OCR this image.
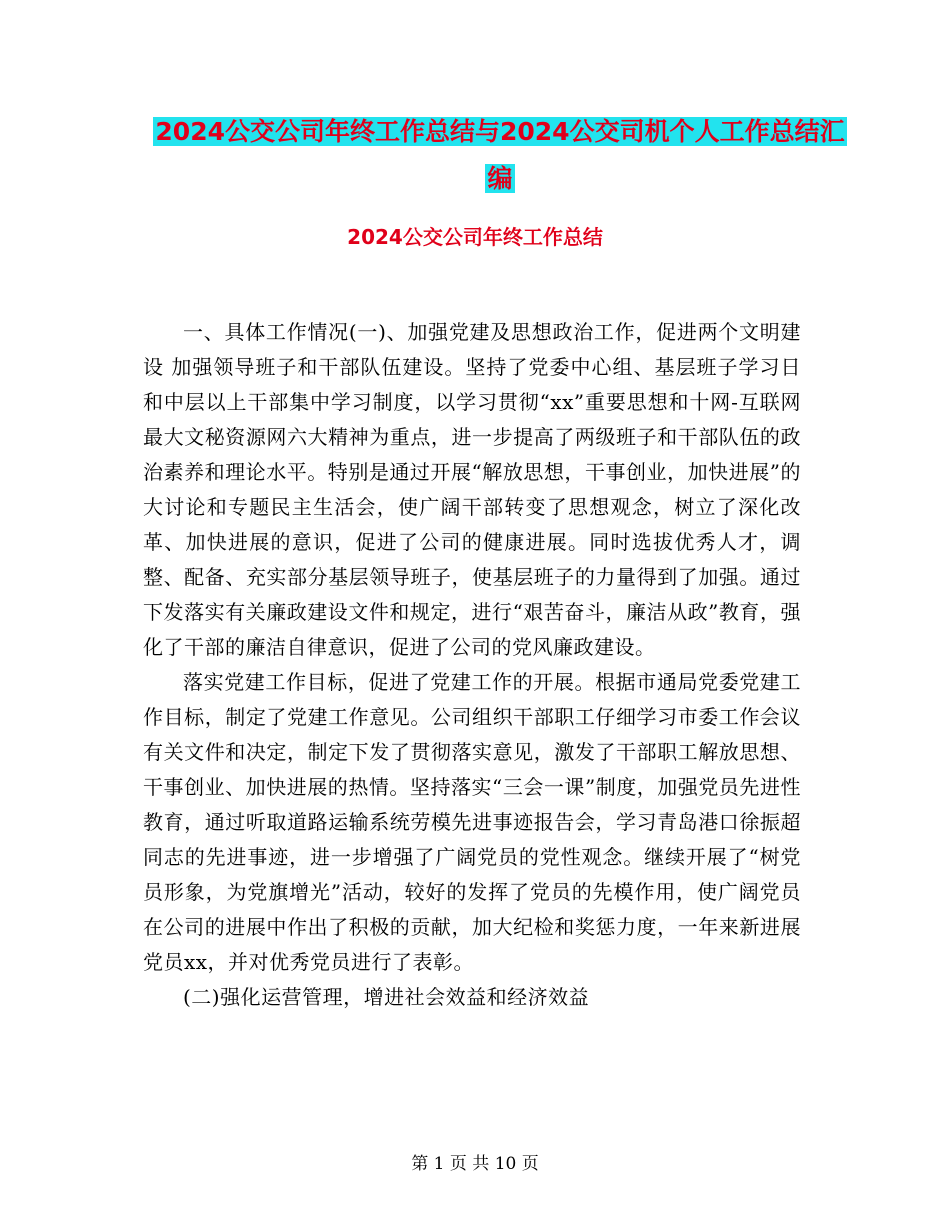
2024公交公司年终工作总结与2024公交司机个人工作总结汇编
2024公交公司年终工作总结

一、具体工作情况(一)、加强党建及思想政治工作，促进两个文明建设 加强领导班子和干部队伍建设。坚持了党委中心组、基层班子学习日和中层以上干部集中学习制度，以学习贯彻“xx”重要思想和十网-互联网最大文秘资源网六大精神为重点，进一步提高了两级班子和干部队伍的政治素养和理论水平。特别是通过开展“解放思想，干事创业，加快进展”的大讨论和专题民主生活会，使广阔干部转变了思想观念，树立了深化改革、加快进展的意识，促进了公司的健康进展。同时选拔优秀人才，调整、配备、充实部分基层领导班子，使基层班子的力量得到了加强。通过下发落实有关廉政建设文件和规定，进行“艰苦奋斗，廉洁从政”教育，强化了干部的廉洁自律意识，促进了公司的党风廉政建设。

落实党建工作目标，促进了党建工作的开展。根据市通局党委党建工作目标，制定了党建工作意见。公司组织干部职工仔细学习市委工作会议有关文件和决定，制定下发了贯彻落实意见，激发了干部职工解放思想、干事创业、加快进展的热情。坚持落实“三会一课”制度，加强党员先进性教育，通过听取道路运输系统劳模先进事迹报告会，学习青岛港口徐振超同志的先进事迹，进一步增强了广阔党员的党性观念。继续开展了“树党员形象，为党旗增光”活动，较好的发挥了党员的先模作用，使广阔党员在公司的进展中作出了积极的贡献，加大纪检和奖惩力度，一年来新进展党员xx，并对优秀党员进行了表彰。

(二)强化运营管理，增进社会效益和经济效益

第 1 页 共 10 页
